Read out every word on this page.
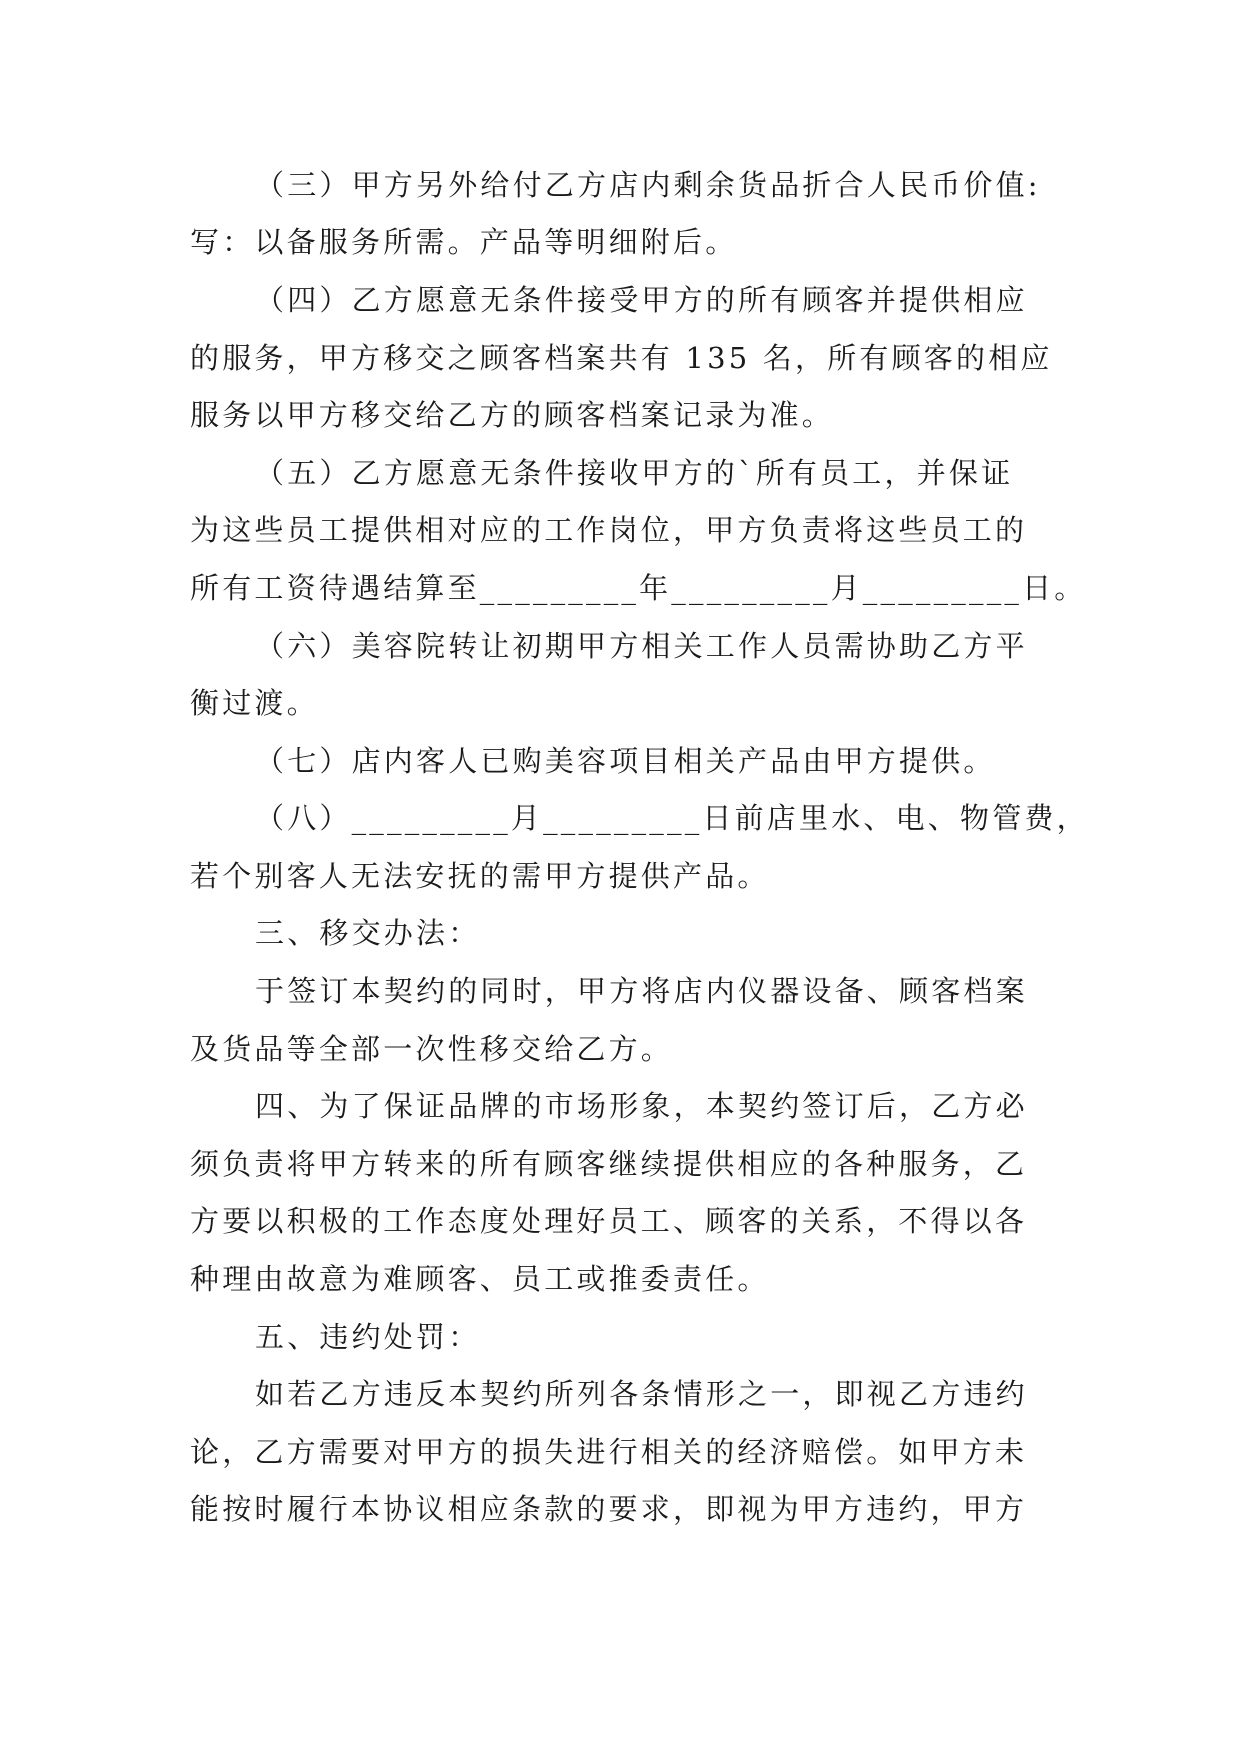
（三）甲方另外给付乙方店内剩余货品折合人民币价值:
写：以备服务所需。产品等明细附后。
（四）乙方愿意无条件接受甲方的所有顾客并提供相应
的服务，甲方移交之顾客档案共有 135 名，所有顾客的相应
服务以甲方移交给乙方的顾客档案记录为准。
（五）乙方愿意无条件接收甲方的`所有员工，并保证
为这些员工提供相对应的工作岗位，甲方负责将这些员工的
所有工资待遇结算至_________年_________月_________日。
（六）美容院转让初期甲方相关工作人员需协助乙方平
衡过渡。
（七）店内客人已购美容项目相关产品由甲方提供。
（八）_________月_________日前店里水、电、物管费，
若个别客人无法安抚的需甲方提供产品。
三、移交办法：
于签订本契约的同时，甲方将店内仪器设备、顾客档案
及货品等全部一次性移交给乙方。
四、为了保证品牌的市场形象，本契约签订后，乙方必
须负责将甲方转来的所有顾客继续提供相应的各种服务，乙
方要以积极的工作态度处理好员工、顾客的关系，不得以各
种理由故意为难顾客、员工或推委责任。
五、违约处罚：
如若乙方违反本契约所列各条情形之一，即视乙方违约
论，乙方需要对甲方的损失进行相关的经济赔偿。如甲方未
能按时履行本协议相应条款的要求，即视为甲方违约，甲方
